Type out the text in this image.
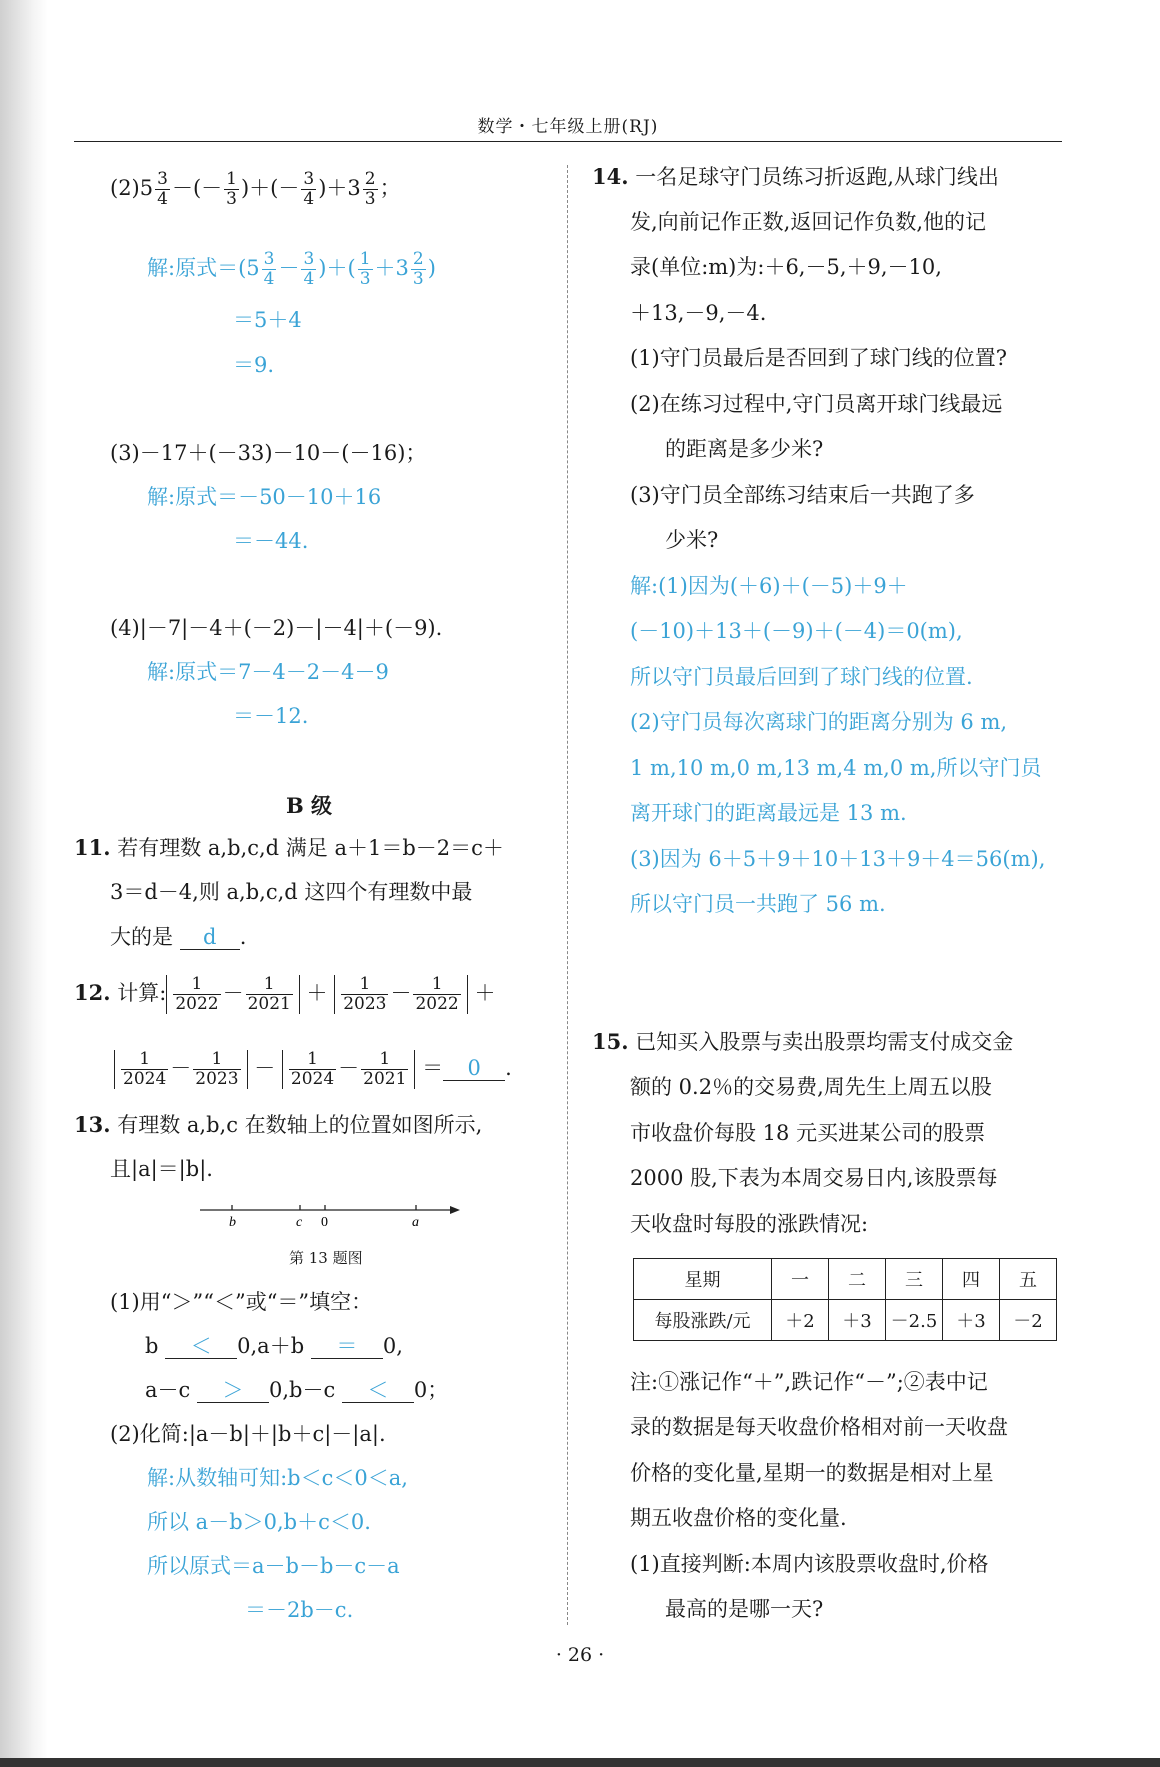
数学・七年级上册(RJ)
$(2)5 \frac{3}{4}$ －(－ $\frac{1}{3}$ )＋(－ $\frac{3}{4} )+3 \frac{2}{3}$ ；
解:原式$=(5 \frac{3}{4} - \frac{3}{4}$ )＋( $\frac{1}{3} +3 \frac{2}{3}$ )
＝5＋4
＝9.
(3)－17＋(－33)－10－(－16)；
解:原式＝－50－10＋16
＝－44.
(4)|－7|－4＋(－2)－|－4|＋(－9).
解:原式＝7－4－2－4－9
＝－12.
B 级
11. 若有理数 a,b,c,d 满足 a＋1＝b－2＝c＋
3＝d－4,则 a,b,c,d 这四个有理数中最
大的是 d .
12. 计算: $\frac{1}{2022} - \frac{1}{2021} + \frac{1}{2023} - \frac{1}{2022}$ ＋
$\frac{1}{2024} - \frac{1}{2023} - \frac{1}{2024} - \frac{1}{2021} = 0$ .
13. 有理数 a,b,c 在数轴上的位置如图所示,
且|a|＝|b|.
b	c 0	a
第 13 题图
(1)用“＞”“＜”或“＝”填空：
b ＜ 0,a＋b ＝ 0,
a－c ＞ 0,b－c ＜ 0；
(2)化简:|a－b|＋|b＋c|－|a|.
解:从数轴可知:b＜c＜0＜a,
所以 a－b＞0,b＋c＜0.
所以原式＝a－b－b－c－a
＝－2b－c.
14. 一名足球守门员练习折返跑,从球门线出
发,向前记作正数,返回记作负数,他的记
录(单位:m)为:＋6,－5,＋9,－10,
＋13,－9,－4.
(1)守门员最后是否回到了球门线的位置?
(2)在练习过程中,守门员离开球门线最远
的距离是多少米?
(3)守门员全部练习结束后一共跑了多
少米?
解:(1)因为(＋6)＋(－5)＋9＋
(－10)＋13＋(－9)＋(－4)＝0(m),
所以守门员最后回到了球门线的位置.
(2)守门员每次离球门的距离分别为 6 m,
1 m,10 m,0 m,13 m,4 m,0 m,所以守门员
离开球门的距离最远是 13 m.
(3)因为 6＋5＋9＋10＋13＋9＋4＝56(m),
所以守门员一共跑了 56 m.
15. 已知买入股票与卖出股票均需支付成交金
额的 0.2％的交易费,周先生上周五以股
市收盘价每股 18 元买进某公司的股票
2000 股,下表为本周交易日内,该股票每
天收盘时每股的涨跌情况:
星期	一	二	三	四	五
每股涨跌/元	＋2	＋3	－2.5	＋3	－2
注:①涨记作“＋”,跌记作“－”;②表中记
录的数据是每天收盘价格相对前一天收盘
价格的变化量,星期一的数据是相对上星
期五收盘价格的变化量.
(1)直接判断:本周内该股票收盘时,价格
最高的是哪一天?
· 26 ·
